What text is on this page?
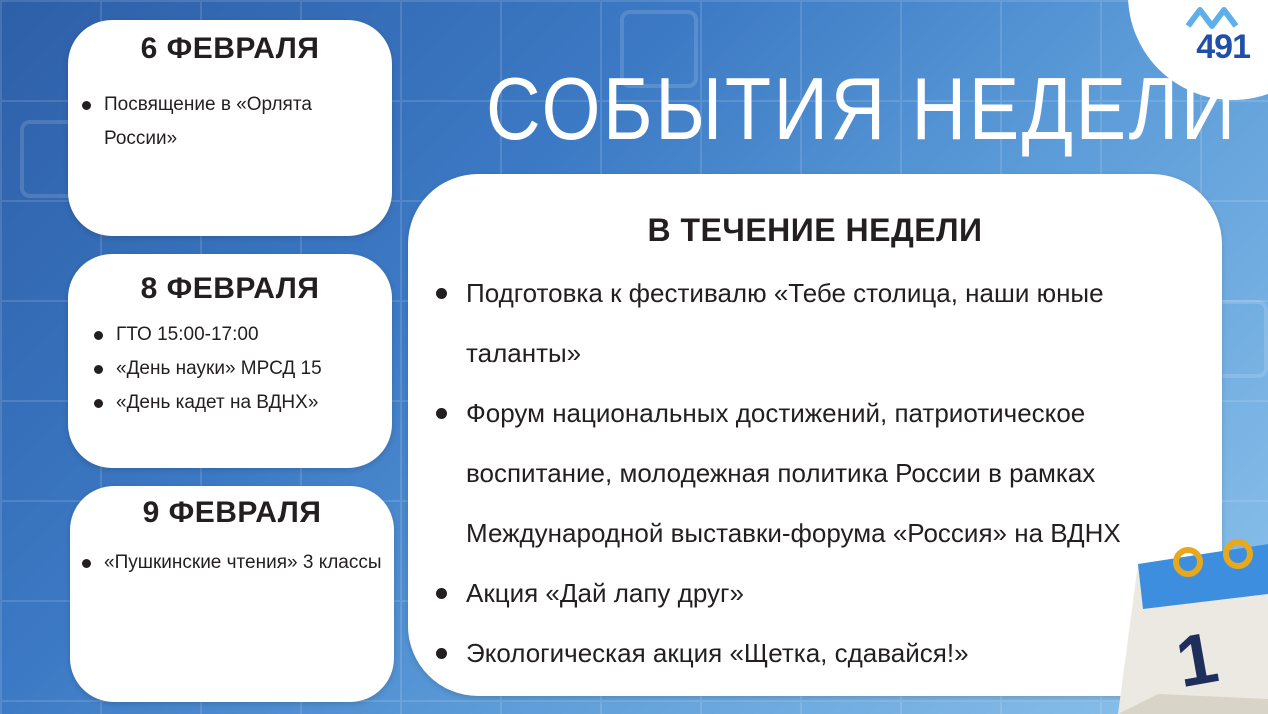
491
СОБЫТИЯ НЕДЕЛИ
6 ФЕВРАЛЯ
Посвящение в «Орлята России»
8 ФЕВРАЛЯ
ГТО 15:00-17:00
«День науки» МРСД 15
«День кадет на ВДНХ»
9 ФЕВРАЛЯ
«Пушкинские чтения» 3 классы
В ТЕЧЕНИЕ НЕДЕЛИ
Подготовка к фестивалю «Тебе столица, наши юные таланты»
Форум национальных достижений, патриотическое
воспитание, молодежная политика России в рамках
Международной выставки-форума «Россия» на ВДНХ
Акция «Дай лапу друг»
Экологическая акция «Щетка, сдавайся!»	1
